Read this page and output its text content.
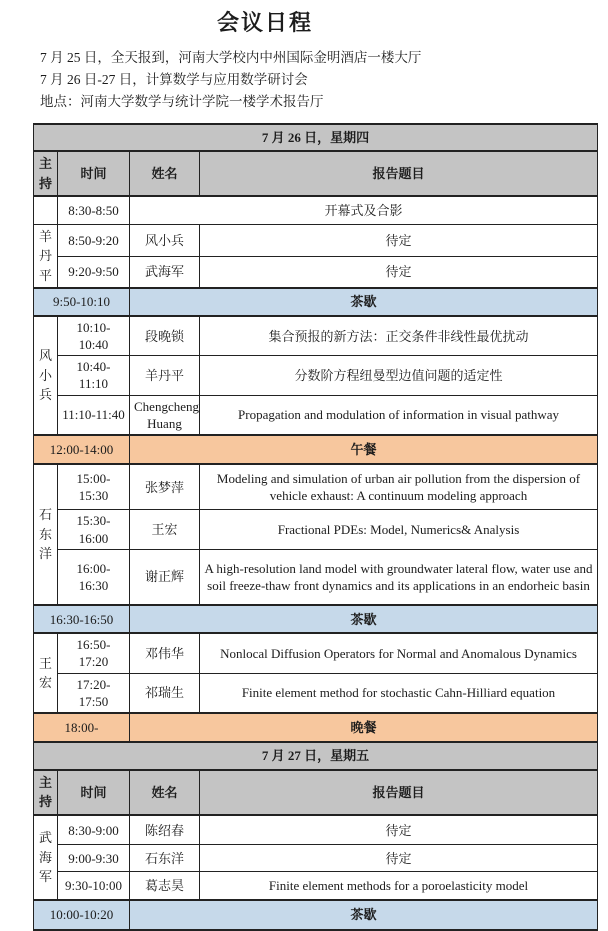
会议日程

7 月 25 日，全天报到，河南大学校内中州国际金明酒店一楼大厅

7 月 26 日-27 日，计算数学与应用数学研讨会

地点：河南大学数学与统计学院一楼学术报告厅

7 月 26 日，星期四			
主持	时间	姓名	报告题目
	8:30-8:50	开幕式及合影	
羊丹平	8:50-9:20	风小兵	待定
	9:20-9:50	武海军	待定
9:50-10:10		茶歇	
风小兵	10:10-10:40	段晚锁	集合预报的新方法：正交条件非线性最优扰动
	10:40-11:10	羊丹平	分数阶方程纽曼型边值问题的适定性
	11:10-11:40	Chengcheng Huang	Propagation and modulation of information in visual pathway
12:00-14:00		午餐	
石东洋	15:00-15:30	张梦萍	Modeling and simulation of urban air pollution from the dispersion of vehicle exhaust: A continuum modeling approach
	15:30-16:00	王宏	Fractional PDEs: Model, Numerics& Analysis
	16:00-16:30	谢正辉	A high-resolution land model with groundwater lateral flow, water use and soil freeze-thaw front dynamics and its applications in an endorheic basin
16:30-16:50		茶歇	
王宏	16:50-17:20	邓伟华	Nonlocal Diffusion Operators for Normal and Anomalous Dynamics
	17:20-17:50	祁瑞生	Finite element method for stochastic Cahn-Hilliard equation
18:00-		晚餐	
7 月 27 日，星期五			
主持	时间	姓名	报告题目
武海军	8:30-9:00	陈绍春	待定
	9:00-9:30	石东洋	待定
	9:30-10:00	葛志昊	Finite element methods for a poroelasticity model
10:00-10:20		茶歇	
